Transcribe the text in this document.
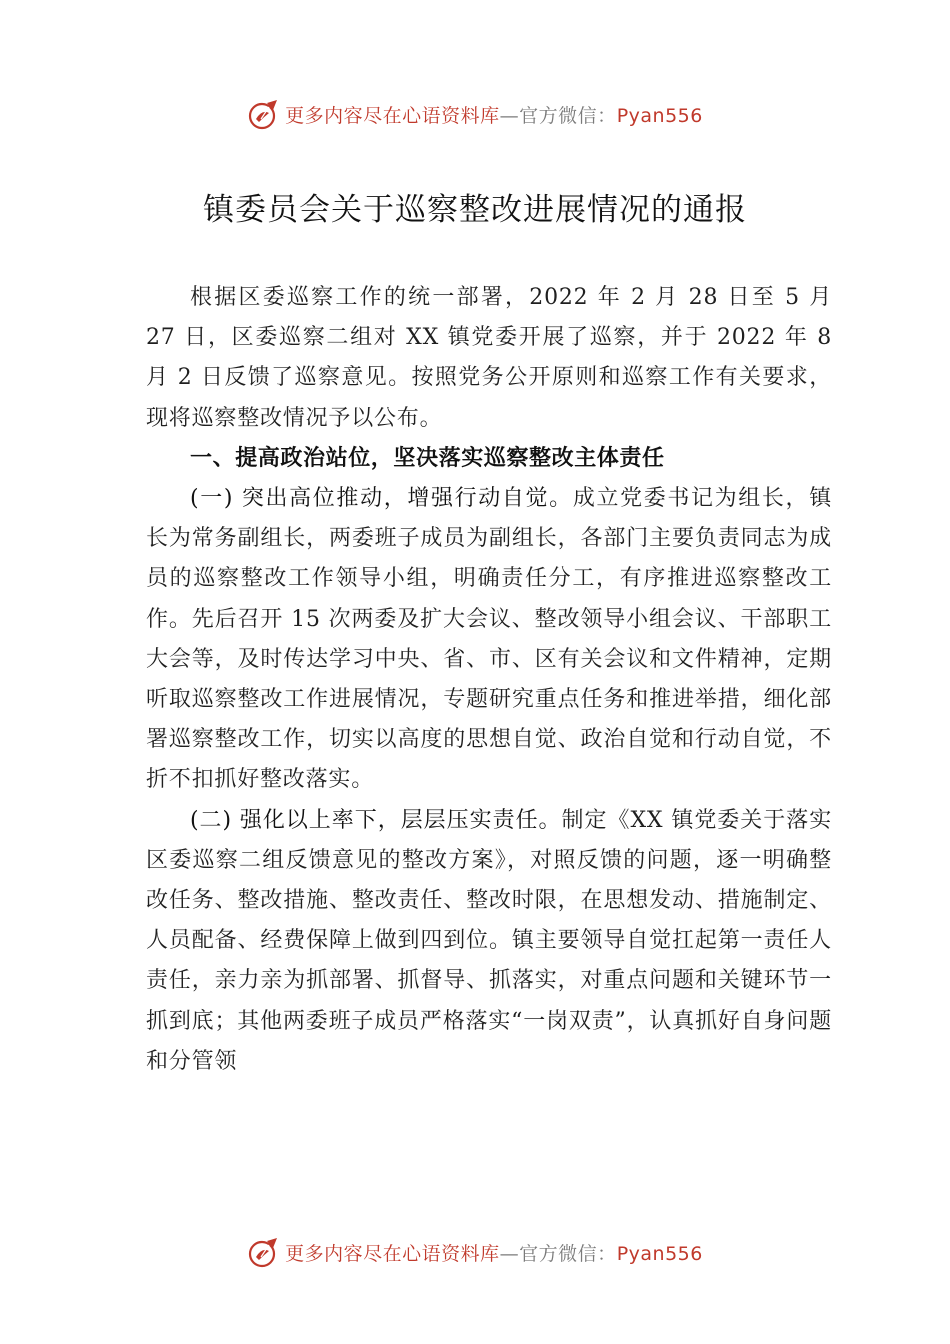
更多内容尽在心语资料库—官方微信：Pyan556
镇委员会关于巡察整改进展情况的通报

根据区委巡察工作的统一部署，2022 年 2 月 28 日至 5 月 27 日，区委巡察二组对 XX 镇党委开展了巡察，并于 2022 年 8 月 2 日反馈了巡察意见。按照党务公开原则和巡察工作有关要求，现将巡察整改情况予以公布。

一、提高政治站位，坚决落实巡察整改主体责任

(一) 突出高位推动，增强行动自觉。成立党委书记为组长，镇长为常务副组长，两委班子成员为副组长，各部门主要负责同志为成员的巡察整改工作领导小组，明确责任分工，有序推进巡察整改工作。先后召开 15 次两委及扩大会议、整改领导小组会议、干部职工大会等，及时传达学习中央、省、市、区有关会议和文件精神，定期听取巡察整改工作进展情况，专题研究重点任务和推进举措，细化部署巡察整改工作，切实以高度的思想自觉、政治自觉和行动自觉，不折不扣抓好整改落实。

(二) 强化以上率下，层层压实责任。制定《XX 镇党委关于落实区委巡察二组反馈意见的整改方案》，对照反馈的问题，逐一明确整改任务、整改措施、整改责任、整改时限，在思想发动、措施制定、人员配备、经费保障上做到四到位。镇主要领导自觉扛起第一责任人责任，亲力亲为抓部署、抓督导、抓落实，对重点问题和关键环节一抓到底；其他两委班子成员严格落实“一岗双责”，认真抓好自身问题和分管领

更多内容尽在心语资料库—官方微信：Pyan556
